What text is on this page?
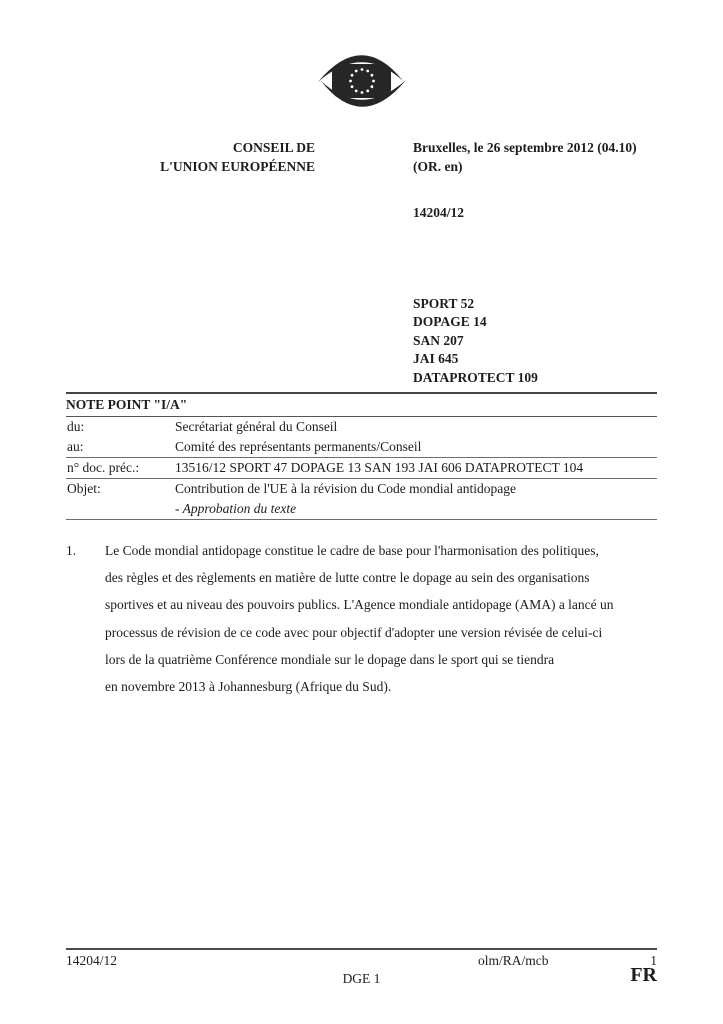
CONSEIL DE
L'UNION EUROPÉENNE
Bruxelles, le 26 septembre 2012 (04.10)
(OR. en)
14204/12
SPORT 52
DOPAGE 14
SAN 207
JAI 645
DATAPROTECT 109
NOTE POINT "I/A"
du:	Secrétariat général du Conseil
au:	Comité des représentants permanents/Conseil
n° doc. préc.:	13516/12 SPORT 47 DOPAGE 13 SAN 193 JAI 606 DATAPROTECT 104
Objet:	Contribution de l'UE à la révision du Code mondial antidopage
- Approbation du texte
1.	Le Code mondial antidopage constitue le cadre de base pour l'harmonisation des politiques,
des règles et des règlements en matière de lutte contre le dopage au sein des organisations
sportives et au niveau des pouvoirs publics. L'Agence mondiale antidopage (AMA) a lancé un
processus de révision de ce code avec pour objectif d'adopter une version révisée de celui-ci
lors de la quatrième Conférence mondiale sur le dopage dans le sport qui se tiendra
en novembre 2013 à Johannesburg (Afrique du Sud).
14204/12	olm/RA/mcb	1
DGE 1	FR
